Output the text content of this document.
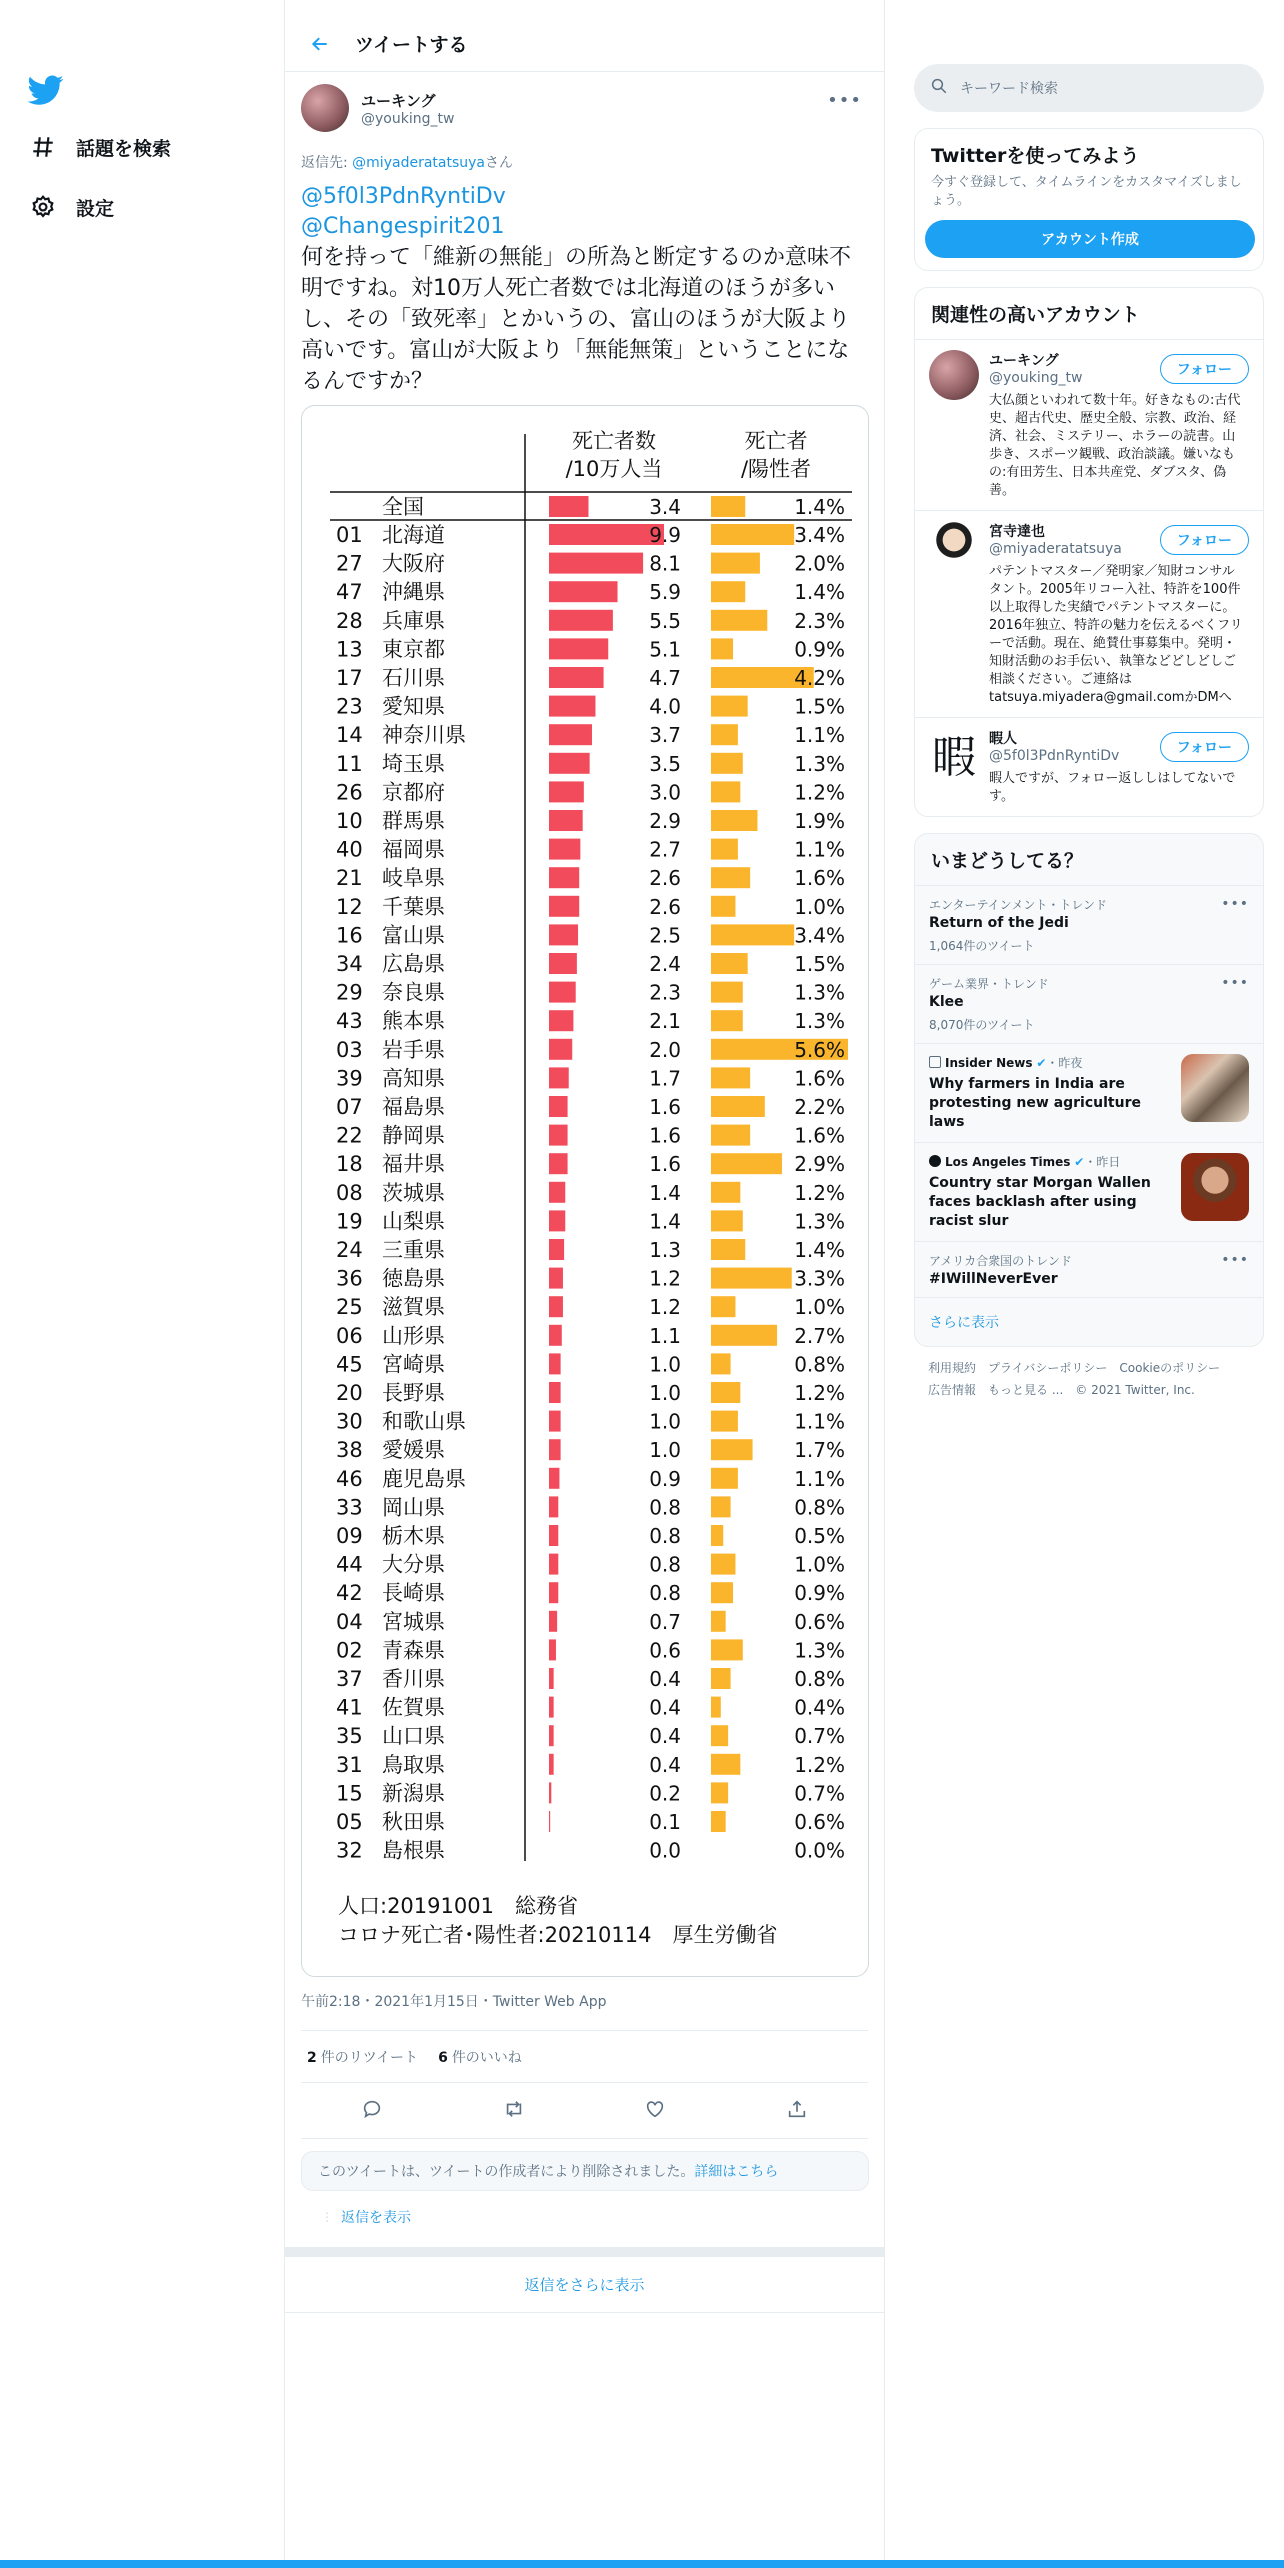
話題を検索
設定
ツイートする
ユーキング
@youking_tw
•••
返信先: @miyaderatatsuyaさん
@5f0l3PdnRyntiDv
@Changespirit201
何を持って「維新の無能」の所為と断定するのか意味不明ですね。対10万人死亡者数では北海道のほうが多いし、その「致死率」とかいうの、富山のほうが大阪より高いです。富山が大阪より「無能無策」ということになるんですか？
死亡者数
/10万人当
死亡者
/陽性者
全国	3.4	1.4%
01 北海道	9.9	3.4%
27 大阪府	8.1	2.0%
47 沖縄県	5.9	1.4%
28 兵庫県	5.5	2.3%
13 東京都	5.1	0.9%
17 石川県	4.7	4.2%
23 愛知県	4.0	1.5%
14 神奈川県	3.7	1.1%
11 埼玉県	3.5	1.3%
26 京都府	3.0	1.2%
10 群馬県	2.9	1.9%
40 福岡県	2.7	1.1%
21 岐阜県	2.6	1.6%
12 千葉県	2.6	1.0%
16 富山県	2.5	3.4%
34 広島県	2.4	1.5%
29 奈良県	2.3	1.3%
43 熊本県	2.1	1.3%
03 岩手県	2.0	5.6%
39 高知県	1.7	1.6%
07 福島県	1.6	2.2%
22 静岡県	1.6	1.6%
18 福井県	1.6	2.9%
08 茨城県	1.4	1.2%
19 山梨県	1.4	1.3%
24 三重県	1.3	1.4%
36 徳島県	1.2	3.3%
25 滋賀県	1.2	1.0%
06 山形県	1.1	2.7%
45 宮崎県	1.0	0.8%
20 長野県	1.0	1.2%
30 和歌山県	1.0	1.1%
38 愛媛県	1.0	1.7%
46 鹿児島県	0.9	1.1%
33 岡山県	0.8	0.8%
09 栃木県	0.8	0.5%
44 大分県	0.8	1.0%
42 長崎県	0.8	0.9%
04 宮城県	0.7	0.6%
02 青森県	0.6	1.3%
37 香川県	0.4	0.8%
41 佐賀県	0.4	0.4%
35 山口県	0.4	0.7%
31 鳥取県	0.4	1.2%
15 新潟県	0.2	0.7%
05 秋田県	0.1	0.6%
32 島根県	0.0	0.0%
人口:20191001　総務省
コロナ死亡者･陽性者:20210114　厚生労働省
午前2:18・2021年1月15日・Twitter Web App
2 件のリツイート 6 件のいいね
このツイートは、ツイートの作成者により削除されました。 詳細はこちら
⋮ 返信を表示
返信をさらに表示
キーワード検索
Twitterを使ってみよう

今すぐ登録して、タイムラインをカスタマイズしましょう。

アカウント作成
関連性の高いアカウント
ユーキング
@youking_tw
大仏顔といわれて数十年。好きなもの:古代史、超古代史、歴史全般、宗教、政治、経済、社会、ミステリー、ホラーの読書。山歩き、スポーツ観戦、政治談議。嫌いなもの:有田芳生、日本共産党、ダブスタ、偽善。
フォロー
宮寺達也
@miyaderatatsuya
パテントマスター／発明家／知財コンサルタント。2005年リコー入社、特許を100件以上取得した実績でパテントマスターに。2016年独立、特許の魅力を伝えるべくフリーで活動。現在、絶賛仕事募集中。発明・知財活動のお手伝い、執筆などどしどしご相談ください。ご連絡は tatsuya.miyadera@gmail.comかDMへ
フォロー
暇 暇人
@5f0l3PdnRyntiDv
暇人ですが、フォロー返ししはしてないです。
フォロー
いまどうしてる？
エンターテインメント・トレンド
Return of the Jedi
1,064件のツイート
•••
ゲーム業界・トレンド
Klee
8,070件のツイート
•••
Insider News ✔・昨夜
Why farmers in India are protesting new agriculture laws
Los Angeles Times ✔・昨日
Country star Morgan Wallen faces backlash after using racist slur
アメリカ合衆国のトレンド
#IWillNeverEver
•••
さらに表示
利用規約　プライバシーポリシー　Cookieのポリシー
広告情報　もっと見る ...　© 2021 Twitter, Inc.
